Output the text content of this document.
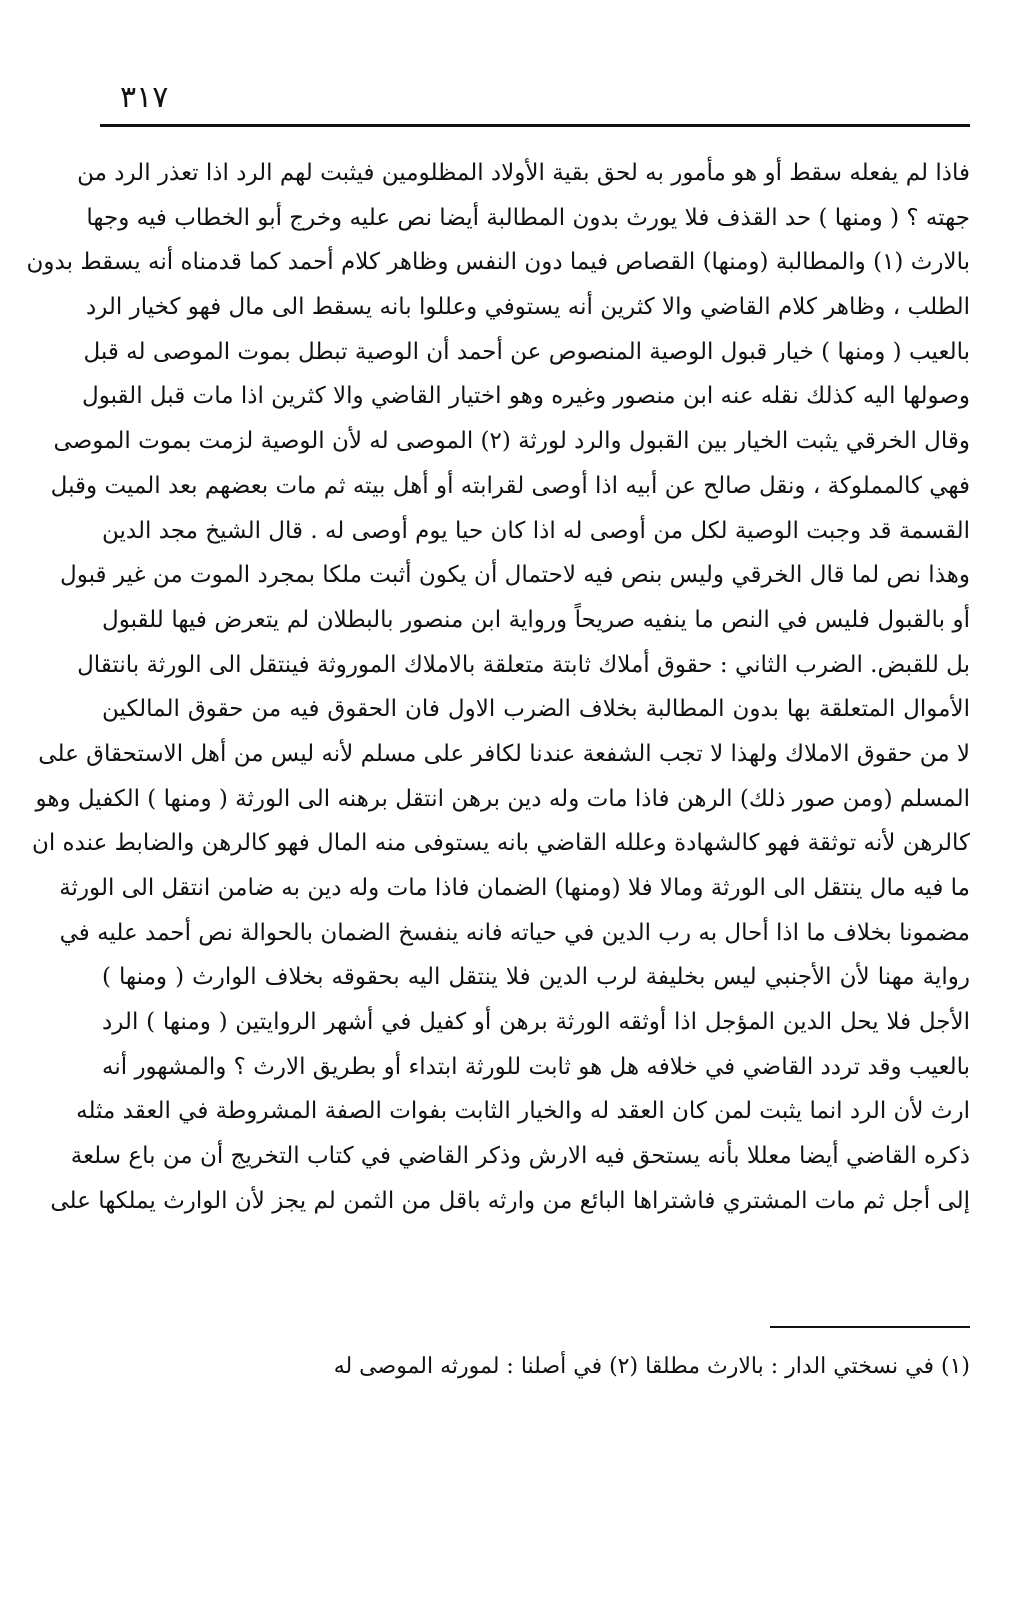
٣١٧
فاذا لم يفعله سقط أو هو مأمور به لحق بقية الأولاد المظلومين فيثبت لهم الرد اذا تعذر الرد من
جهته ؟ ( ومنها ) حد القذف فلا يورث بدون المطالبة أيضا نص عليه وخرج أبو الخطاب فيه وجها
بالارث (١) والمطالبة (ومنها) القصاص فيما دون النفس وظاهر كلام أحمد كما قدمناه أنه يسقط بدون
الطلب ، وظاهر كلام القاضي والا كثرين أنه يستوفي وعللوا بانه يسقط الى مال فهو كخيار الرد
بالعيب ( ومنها ) خيار قبول الوصية المنصوص عن أحمد أن الوصية تبطل بموت الموصى له قبل
وصولها اليه كذلك نقله عنه ابن منصور وغيره وهو اختيار القاضي والا كثرين اذا مات قبل القبول
وقال الخرقي يثبت الخيار بين القبول والرد لورثة (٢) الموصى له لأن الوصية لزمت بموت الموصى
فهي كالمملوكة ، ونقل صالح عن أبيه اذا أوصى لقرابته أو أهل بيته ثم مات بعضهم بعد الميت وقبل
القسمة قد وجبت الوصية لكل من أوصى له اذا كان حيا يوم أوصى له . قال الشيخ مجد الدين
وهذا نص لما قال الخرقي وليس بنص فيه لاحتمال أن يكون أثبت ملكا بمجرد الموت من غير قبول
أو بالقبول فليس في النص ما ينفيه صريحاً ورواية ابن منصور بالبطلان لم يتعرض فيها للقبول
بل للقبض. الضرب الثاني : حقوق أملاك ثابتة متعلقة بالاملاك الموروثة فينتقل الى الورثة بانتقال
الأموال المتعلقة بها بدون المطالبة بخلاف الضرب الاول فان الحقوق فيه من حقوق المالكين
لا من حقوق الاملاك ولهذا لا تجب الشفعة عندنا لكافر على مسلم لأنه ليس من أهل الاستحقاق على
المسلم (ومن صور ذلك) الرهن فاذا مات وله دين برهن انتقل برهنه الى الورثة ( ومنها ) الكفيل وهو
كالرهن لأنه توثقة فهو كالشهادة وعلله القاضي بانه يستوفى منه المال فهو كالرهن والضابط عنده ان
ما فيه مال ينتقل الى الورثة ومالا فلا (ومنها) الضمان فاذا مات وله دين به ضامن انتقل الى الورثة
مضمونا بخلاف ما اذا أحال به رب الدين في حياته فانه ينفسخ الضمان بالحوالة نص أحمد عليه في
رواية مهنا لأن الأجنبي ليس بخليفة لرب الدين فلا ينتقل اليه بحقوقه بخلاف الوارث ( ومنها )
الأجل فلا يحل الدين المؤجل اذا أوثقه الورثة برهن أو كفيل في أشهر الروايتين ( ومنها ) الرد
بالعيب وقد تردد القاضي في خلافه هل هو ثابت للورثة ابتداء أو بطريق الارث ؟ والمشهور أنه
ارث لأن الرد انما يثبت لمن كان العقد له والخيار الثابت بفوات الصفة المشروطة في العقد مثله
ذكره القاضي أيضا معللا بأنه يستحق فيه الارش وذكر القاضي في كتاب التخريج أن من باع سلعة
إلى أجل ثم مات المشتري فاشتراها البائع من وارثه باقل من الثمن لم يجز لأن الوارث يملكها على
(١) في نسختي الدار : بالارث مطلقا (٢) في أصلنا : لمورثه الموصى له
